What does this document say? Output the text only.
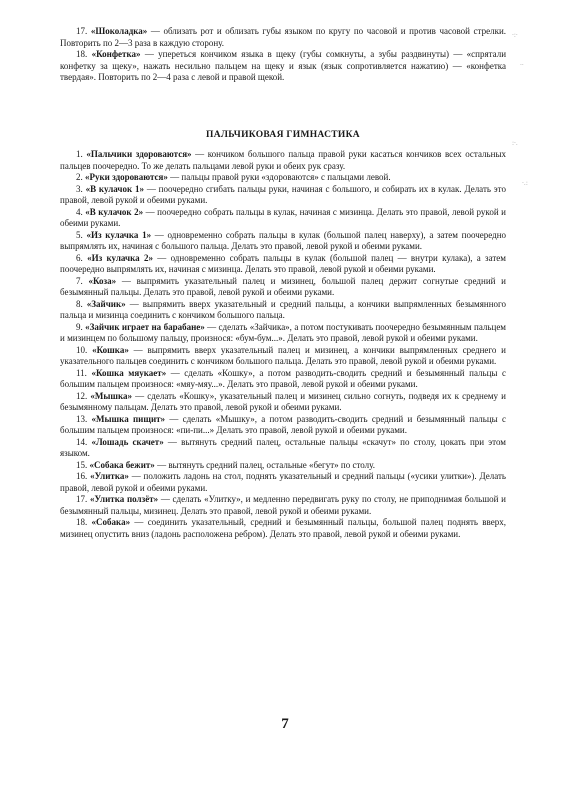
17. «Шоколадка» — облизать рот и облизать губы языком по кругу по часовой и против часовой стрелки. Повторить по 2—3 раза в каждую сторону.

18. «Конфетка» — упереться кончиком языка в щеку (губы сомкнуты, а зубы раздвинуты) — «спрятали конфетку за щеку», нажать несильно пальцем на щеку и язык (язык сопротивляется нажатию) — «конфетка твердая». Повторить по 2—4 раза с левой и правой щекой.

ПАЛЬЧИКОВАЯ ГИМНАСТИКА

1. «Пальчики здороваются» — кончиком большого пальца правой руки касаться кончиков всех остальных пальцев поочередно. То же делать пальцами левой руки и обеих рук сразу.

2. «Руки здороваются» — пальцы правой руки «здороваются» с пальцами левой.

3. «В кулачок 1» — поочередно сгибать пальцы руки, начиная с большого, и собирать их в кулак. Делать это правой, левой рукой и обеими руками.

4. «В кулачок 2» — поочередно собрать пальцы в кулак, начиная с мизинца. Делать это правой, левой рукой и обеими руками.

5. «Из кулачка 1» — одновременно собрать пальцы в кулак (большой палец наверху), а затем поочередно выпрямлять их, начиная с большого пальца. Делать это правой, левой рукой и обеими руками.

6. «Из кулачка 2» — одновременно собрать пальцы в кулак (большой палец — внутри кулака), а затем поочередно выпрямлять их, начиная с мизинца. Делать это правой, левой рукой и обеими руками.

7. «Коза» — выпрямить указательный палец и мизинец, большой палец держит согнутые средний и безымянный пальцы. Делать это правой, левой рукой и обеими руками.

8. «Зайчик» — выпрямить вверх указательный и средний пальцы, а кончики выпрямленных безымянного пальца и мизинца соединить с кончиком большого пальца.

9. «Зайчик играет на барабане» — сделать «Зайчика», а потом постукивать поочередно безымянным пальцем и мизинцем по большому пальцу, произнося: «бум-бум...». Делать это правой, левой рукой и обеими руками.

10. «Кошка» — выпрямить вверх указательный палец и мизинец, а кончики выпрямленных среднего и указательного пальцев соединить с кончиком большого пальца. Делать это правой, левой рукой и обеими руками.

11. «Кошка мяукает» — сделать «Кошку», а потом разводить-сводить средний и безымянный пальцы с большим пальцем произнося: «мяу-мяу...». Делать это правой, левой рукой и обеими руками.

12. «Мышка» — сделать «Кошку», указательный палец и мизинец сильно согнуть, подведя их к среднему и безымянному пальцам. Делать это правой, левой рукой и обеими руками.

13. «Мышка пищит» — сделать «Мышку», а потом разводить-сводить средний и безымянный пальцы с большим пальцем произнося: «пи-пи...» Делать это правой, левой рукой и обеими руками.

14. «Лошадь скачет» — вытянуть средний палец, остальные пальцы «скачут» по столу, цокать при этом языком.

15. «Собака бежит» — вытянуть средний палец, остальные «бегут» по столу.

16. «Улитка» — положить ладонь на стол, поднять указательный и средний пальцы («усики улитки»). Делать правой, левой рукой и обеими руками.

17. «Улитка ползёт» — сделать «Улитку», и медленно передвигать руку по столу, не приподнимая большой и безымянный пальцы, мизинец. Делать это правой, левой рукой и обеими руками.

18. «Собака» — соединить указательный, средний и безымянный пальцы, большой палец поднять вверх, мизинец опустить вниз (ладонь расположена ребром). Делать это правой, левой рукой и обеими руками.

7
·:·
··
:·.
·.:
